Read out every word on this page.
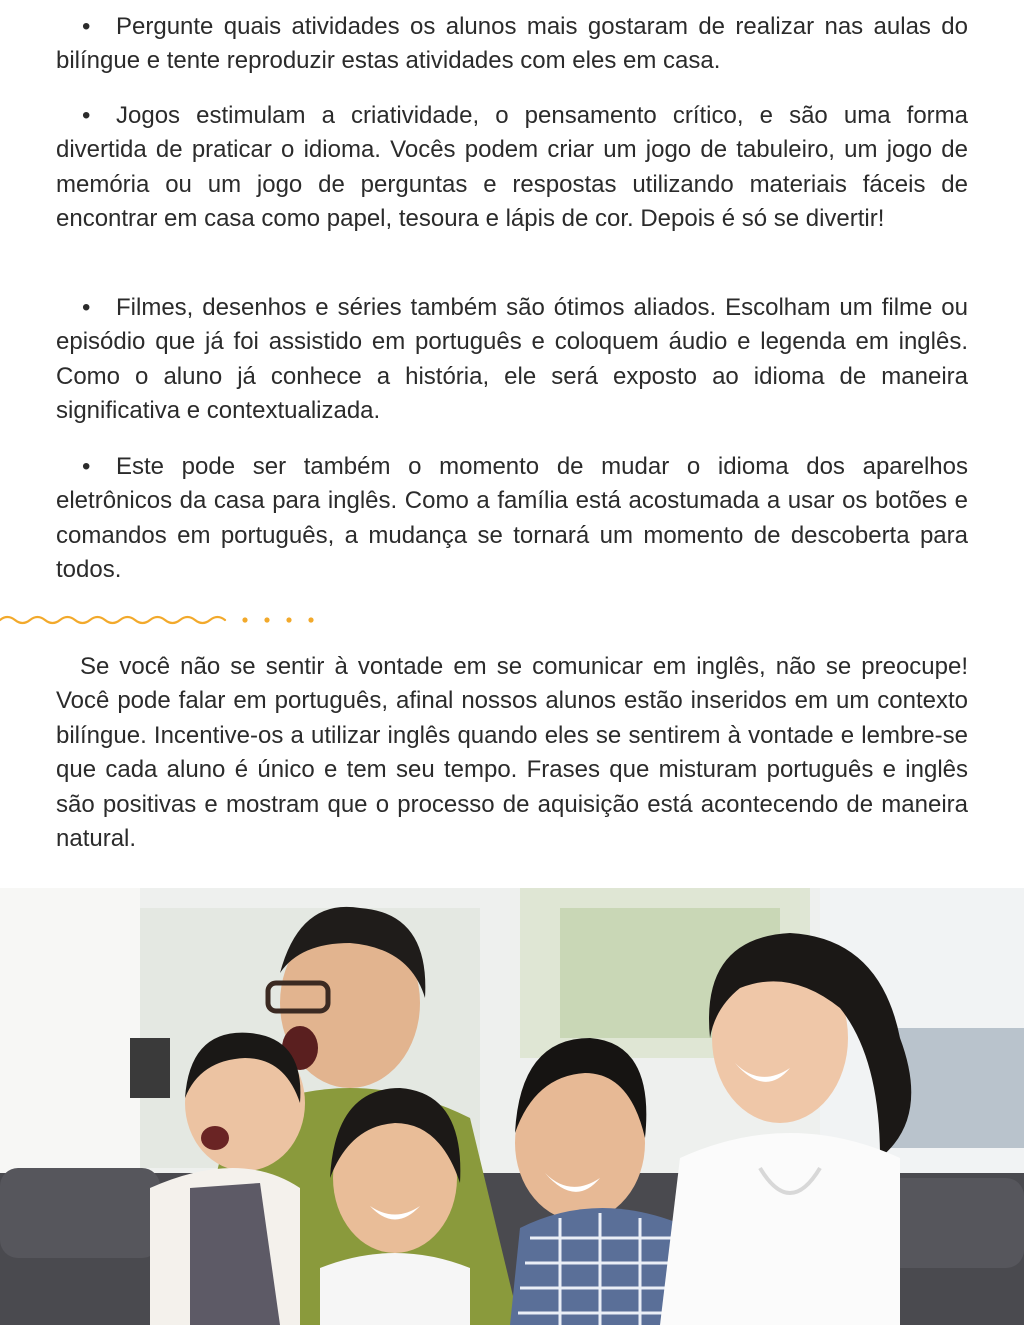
• Pergunte quais atividades os alunos mais gostaram de realizar nas aulas do bilíngue e tente reproduzir estas atividades com eles em casa.

• Jogos estimulam a criatividade, o pensamento crítico, e são uma forma divertida de praticar o idioma. Vocês podem criar um jogo de tabuleiro, um jogo de memória ou um jogo de perguntas e respostas utilizando materiais fáceis de encontrar em casa como papel, tesoura e lápis de cor. Depois é só se divertir!

• Filmes, desenhos e séries também são ótimos aliados. Escolham um filme ou episódio que já foi assistido em português e coloquem áudio e legenda em inglês. Como o aluno já conhece a história, ele será exposto ao idioma de maneira significativa e contextualizada.

• Este pode ser também o momento de mudar o idioma dos aparelhos eletrônicos da casa para inglês. Como a família está acostumada a usar os botões e comandos em português, a mudança se tornará um momento de descoberta para todos.

Se você não se sentir à vontade em se comunicar em inglês, não se preocupe! Você pode falar em português, afinal nossos alunos estão inseridos em um contexto bilíngue. Incentive-os a utilizar inglês quando eles se sentirem à vontade e lembre-se que cada aluno é único e tem seu tempo. Frases que misturam português e inglês são positivas e mostram que o processo de aquisição está acontecendo de maneira natural.
